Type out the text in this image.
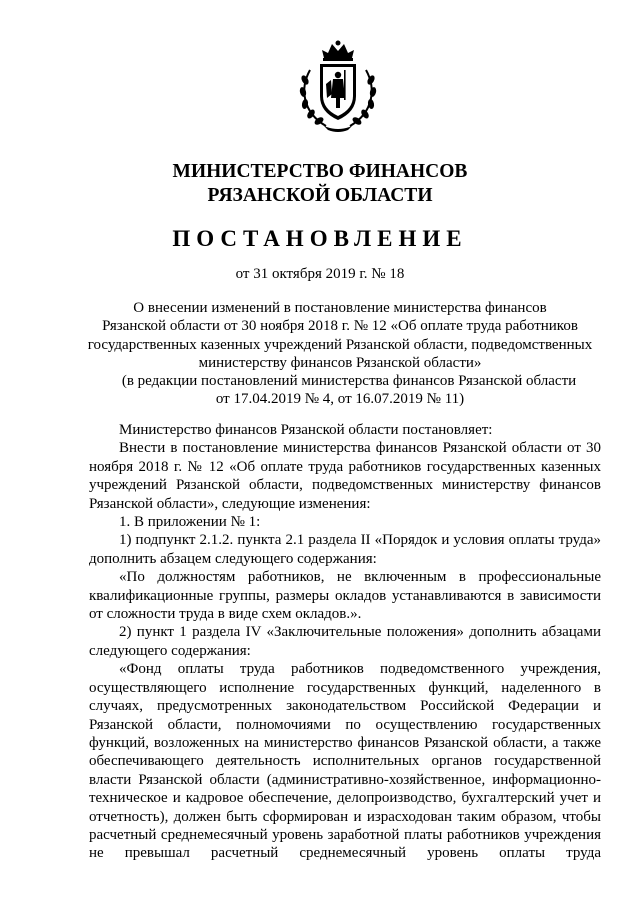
МИНИСТЕРСТВО ФИНАНСОВ
РЯЗАНСКОЙ ОБЛАСТИ
ПОСТАНОВЛЕНИЕ
от 31 октября 2019 г. № 18
О внесении изменений в постановление министерства финансов
Рязанской области от 30 ноября 2018 г. № 12 «Об оплате труда работников
государственных казенных учреждений Рязанской области, подведомственных
министерству финансов Рязанской области»
(в редакции постановлений министерства финансов Рязанской области
от 17.04.2019 № 4, от 16.07.2019 № 11)

Министерство финансов Рязанской области постановляет:

Внести в постановление министерства финансов Рязанской области от 30 ноября 2018 г. № 12 «Об оплате труда работников государственных казенных учреждений Рязанской области, подведомственных министерству финансов Рязанской области», следующие изменения:

1. В приложении № 1:

1) подпункт 2.1.2. пункта 2.1 раздела II «Порядок и условия оплаты труда» дополнить абзацем следующего содержания:

«По должностям работников, не включенным в профессиональные квалификационные группы, размеры окладов устанавливаются в зависимости от сложности труда в виде схем окладов.».

2) пункт 1 раздела IV «Заключительные положения» дополнить абзацами следующего содержания:

«Фонд оплаты труда работников подведомственного учреждения, осуществляющего исполнение государственных функций, наделенного в случаях, предусмотренных законодательством Российской Федерации и Рязанской области, полномочиями по осуществлению государственных функций, возложенных на министерство финансов Рязанской области, а также обеспечивающего деятельность исполнительных органов государственной власти Рязанской области (административно-хозяйственное, информационно-техническое и кадровое обеспечение, делопроизводство, бухгалтерский учет и отчетность), должен быть сформирован и израсходован таким образом, чтобы расчетный среднемесячный уровень заработной платы работников учреждения не превышал расчетный среднемесячный уровень оплаты труда
